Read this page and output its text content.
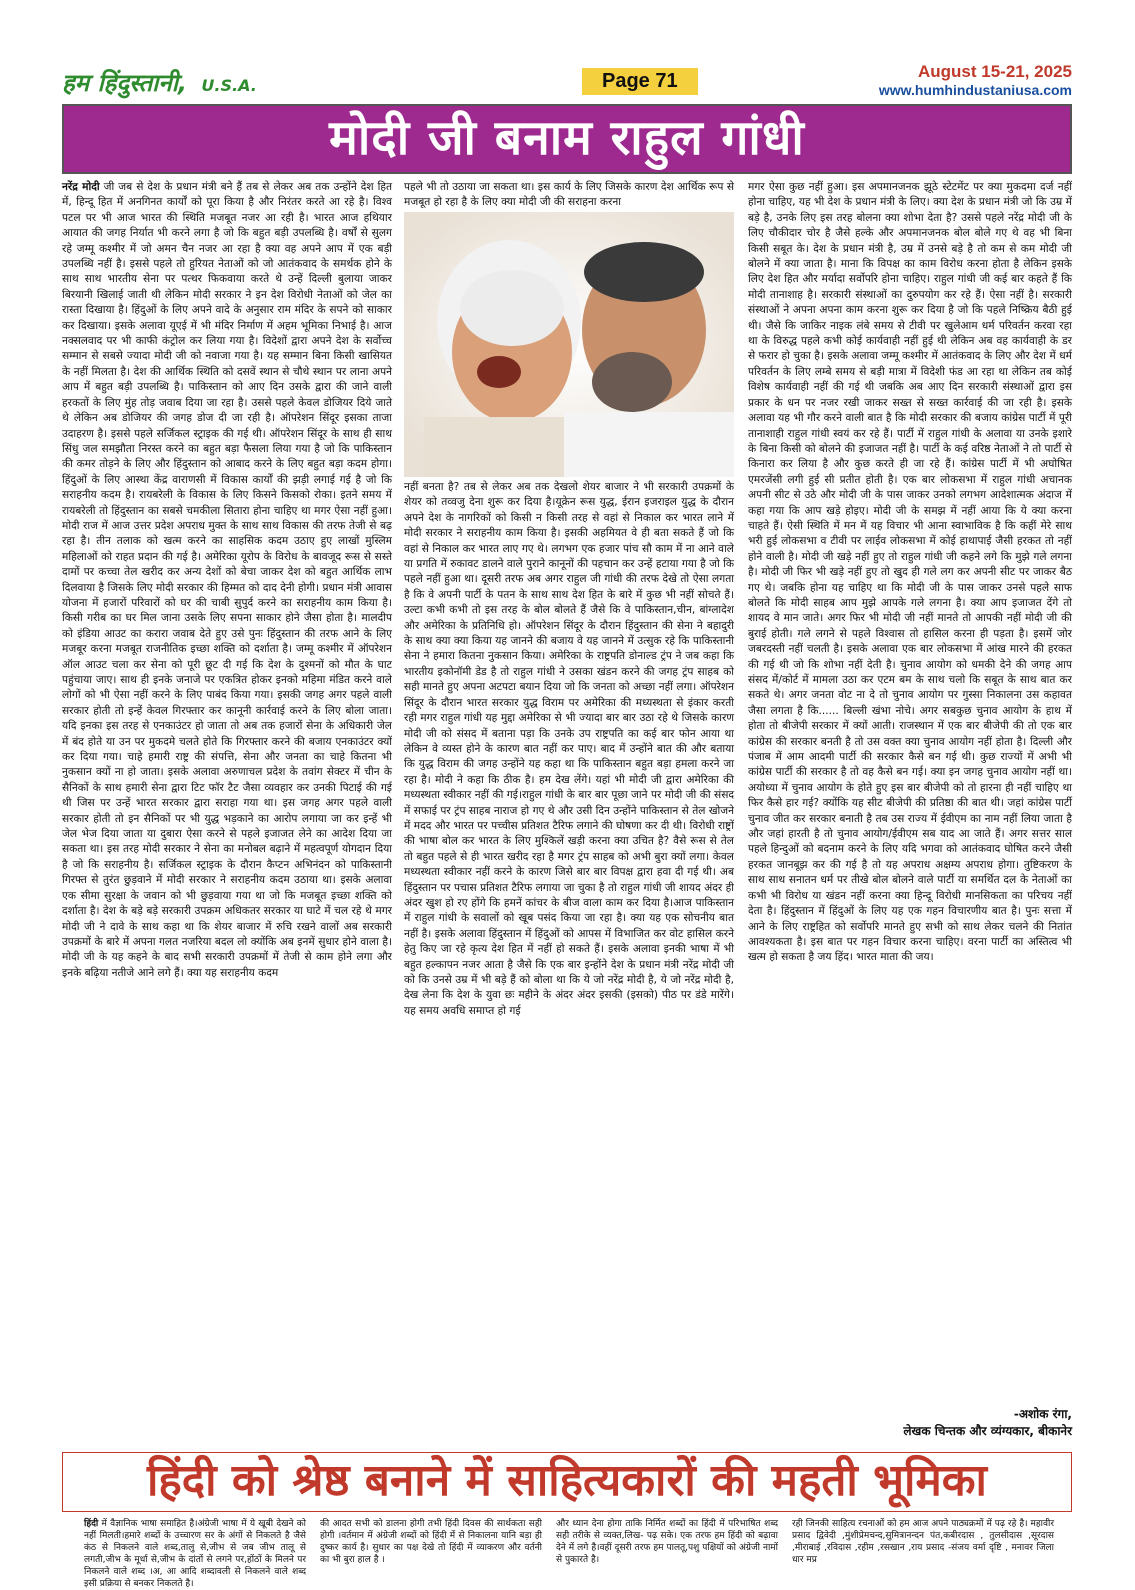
हम हिंदुस्तानी, U.S.A.	Page 71	August 15-21, 2025
www.humhindustaniusa.com
मोदी जी बनाम राहुल गांधी

नरेंद्र मोदी जी जब से देश के प्रधान मंत्री बने हैं तब से लेकर अब तक उन्होंने देश हित में, हिन्दू हित में अनगिनत कार्यों को पूरा किया है और निरंतर करते आ रहे है। विश्व पटल पर भी आज भारत की स्थिति मजबूत नजर आ रही है। भारत आज हथियार आयात की जगह निर्यात भी करने लगा है जो कि बहुत बड़ी उपलब्धि है। वर्षों से सुलग रहे जम्मू कश्मीर में जो अमन चैन नजर आ रहा है क्या वह अपने आप में एक बड़ी उपलब्धि नहीं है। इससे पहले तो हुरियत नेताओं को जो आतंकवाद के समर्थक होने के साथ साथ भारतीय सेना पर पत्थर फिकवाया करते थे उन्हें दिल्ली बुलाया जाकर बिरयानी खिलाई जाती थी लेकिन मोदी सरकार ने इन देश विरोधी नेताओं को जेल का रास्ता दिखाया है। हिंदुओं के लिए अपने वादे के अनुसार राम मंदिर के सपने को साकार कर दिखाया। इसके अलावा यूएई में भी मंदिर निर्माण में अहम भूमिका निभाई है। आज नक्सलवाद पर भी काफी कंट्रोल कर लिया गया है। विदेशों द्वारा अपने देश के सर्वोच्च सम्मान से सबसे ज्यादा मोदी जी को नवाजा गया है। यह सम्मान बिना किसी खासियत के नहीं मिलता है। देश की आर्थिक स्थिति को दसवें स्थान से चौथे स्थान पर लाना अपने आप में बहुत बड़ी उपलब्धि है। पाकिस्तान को आए दिन उसके द्वारा की जाने वाली हरकतों के लिए मुंह तोड़ जवाब दिया जा रहा है। उससे पहले केवल डोजियर दिये जाते थे लेकिन अब डोजियर की जगह डोज दी जा रही है। ऑपरेशन सिंदूर इसका ताजा उदाहरण है। इससे पहले सर्जिकल स्ट्राइक की गई थी। ऑपरेशन सिंदूर के साथ ही साथ सिंधु जल समझौता निरस्त करने का बहुत बड़ा फैसला लिया गया है जो कि पाकिस्तान की कमर तोड़ने के लिए और हिंदुस्तान को आबाद करने के लिए बहुत बड़ा कदम होगा। हिंदुओं के लिए आस्था केंद्र वाराणसी में विकास कार्यों की झड़ी लगाई गई है जो कि सराहनीय कदम है। रायबरेली के विकास के लिए किसने किसको रोका। इतने समय में रायबरेली तो हिंदुस्तान का सबसे चमकीला सितारा होना चाहिए था मगर ऐसा नहीं हुआ। मोदी राज में आज उत्तर प्रदेश अपराध मुक्त के साथ साथ विकास की तरफ तेजी से बढ़ रहा है। तीन तलाक को खत्म करने का साहसिक कदम उठाए हुए लाखों मुस्लिम महिलाओं को राहत प्रदान की गई है। अमेरिका यूरोप के विरोध के बावजूद रूस से सस्ते दामों पर कच्चा तेल खरीद कर अन्य देशों को बेचा जाकर देश को बहुत आर्थिक लाभ दिलवाया है जिसके लिए मोदी सरकार की हिम्मत को दाद देनी होगी। प्रधान मंत्री आवास योजना में हजारों परिवारों को घर की चाबी सुपुर्द करने का सराहनीय काम किया है। किसी गरीब का घर मिल जाना उसके लिए सपना साकार होने जैसा होता है। मालदीप को इंडिया आउट का करारा जवाब देते हुए उसे पुनः हिंदुस्तान की तरफ आने के लिए मजबूर करना मजबूत राजनीतिक इच्छा शक्ति को दर्शाता है। जम्मू कश्मीर में ऑपरेशन ऑल आउट चला कर सेना को पूरी छूट दी गई कि देश के दुश्मनों को मौत के घाट पहुंचाया जाए। साथ ही इनके जनाजे पर एकत्रित होकर इनको महिमा मंडित करने वाले लोगों को भी ऐसा नहीं करने के लिए पाबंद किया गया। इसकी जगह अगर पहले वाली सरकार होती तो इन्हें केवल गिरफ्तार कर कानूनी कार्रवाई करने के लिए बोला जाता। यदि इनका इस तरह से एनकाउंटर हो जाता तो अब तक हजारों सेना के अधिकारी जेल में बंद होते या उन पर मुकदमे चलते होते कि गिरफ्तार करने की बजाय एनकाउंटर क्यों कर दिया गया। चाहे हमारी राष्ट्र की संपत्ति, सेना और जनता का चाहे कितना भी नुकसान क्यों ना हो जाता। इसके अलावा अरुणाचल प्रदेश के तवांग सेक्टर में चीन के सैनिकों के साथ हमारी सेना द्वारा टिट फॉर टैट जैसा व्यवहार कर उनकी पिटाई की गई थी जिस पर उन्हें भारत सरकार द्वारा सराहा गया था। इस जगह अगर पहले वाली सरकार होती तो इन सैनिकों पर भी युद्ध भड़काने का आरोप लगाया जा कर इन्हें भी जेल भेज दिया जाता या दुबारा ऐसा करने से पहले इजाजत लेने का आदेश दिया जा सकता था। इस तरह मोदी सरकार ने सेना का मनोबल बढ़ाने में महत्वपूर्ण योगदान दिया है जो कि सराहनीय है। सर्जिकल स्ट्राइक के दौरान कैप्टन अभिनंदन को पाकिस्तानी गिरफ्त से तुरंत छुड़वाने में मोदी सरकार ने सराहनीय कदम उठाया था। इसके अलावा एक सीमा सुरक्षा के जवान को भी छुड़वाया गया था जो कि मजबूत इच्छा शक्ति को दर्शाता है। देश के बड़े बड़े सरकारी उपक्रम अधिकतर सरकार या घाटे में चल रहे थे मगर मोदी जी ने दावे के साथ कहा था कि शेयर बाजार में रुचि रखने वालों अब सरकारी उपक्रमों के बारे में अपना गलत नजरिया बदल लो क्योंकि अब इनमें सुधार होने वाला है। मोदी जी के यह कहने के बाद सभी सरकारी उपक्रमों में तेजी से काम होने लगा और इनके बढ़िया नतीजे आने लगे हैं। क्या यह सराहनीय कदम

पहले भी तो उठाया जा सकता था। इस कार्य के लिए जिसके कारण देश आर्थिक रूप से मजबूत हो रहा है के लिए क्या मोदी जी की सराहना करना

नहीं बनता है? तब से लेकर अब तक देखलो शेयर बाजार ने भी सरकारी उपक्रमों के शेयर को तव्वजु देना शुरू कर दिया है।यूक्रेन रूस युद्ध, ईरान इजराइल युद्ध के दौरान अपने देश के नागरिकों को किसी न किसी तरह से वहां से निकाल कर भारत लाने में मोदी सरकार ने सराहनीय काम किया है। इसकी अहमियत वे ही बता सकते हैं जो कि वहां से निकाल कर भारत लाए गए थे। लगभग एक हजार पांच सौ काम में ना आने वाले या प्रगति में रुकावट डालने वाले पुराने कानूनों की पहचान कर उन्हें हटाया गया है जो कि पहले नहीं हुआ था। दूसरी तरफ अब अगर राहुल जी गांधी की तरफ देखे तो ऐसा लगता है कि वे अपनी पार्टी के पतन के साथ साथ देश हित के बारे में कुछ भी नहीं सोचते हैं। उल्टा कभी कभी तो इस तरह के बोल बोलते हैं जैसे कि वे पाकिस्तान,चीन, बांग्लादेश और अमेरिका के प्रतिनिधि हो। ऑपरेशन सिंदूर के दौरान हिंदुस्तान की सेना ने बहादुरी के साथ क्या क्या किया यह जानने की बजाय वे यह जानने में उत्सुक रहे कि पाकिस्तानी सेना ने हमारा कितना नुकसान किया। अमेरिका के राष्ट्रपति डोनाल्ड ट्रंप ने जब कहा कि भारतीय इकोनॉमी डेड है तो राहुल गांधी ने उसका खंडन करने की जगह ट्रंप साहब को सही मानते हुए अपना अटपटा बयान दिया जो कि जनता को अच्छा नहीं लगा। ऑपरेशन सिंदूर के दौरान भारत सरकार युद्ध विराम पर अमेरिका की मध्यस्थता से इंकार करती रही मगर राहुल गांधी यह मुद्दा अमेरिका से भी ज्यादा बार बार उठा रहे थे जिसके कारण मोदी जी को संसद में बताना पड़ा कि उनके उप राष्ट्रपति का कई बार फोन आया था लेकिन वे व्यस्त होने के कारण बात नहीं कर पाए। बाद में उन्होंने बात की और बताया कि युद्ध विराम की जगह उन्होंने यह कहा था कि पाकिस्तान बहुत बड़ा हमला करने जा रहा है। मोदी ने कहा कि ठीक है। हम देख लेंगे। यहां भी मोदी जी द्वारा अमेरिका की मध्यस्थता स्वीकार नहीं की गई।राहुल गांधी के बार बार पूछा जाने पर मोदी जी की संसद में सफाई पर ट्रंप साहब नाराज हो गए थे और उसी दिन उन्होंने पाकिस्तान से तेल खोजने में मदद और भारत पर पच्चीस प्रतिशत टैरिफ लगाने की घोषणा कर दी थी। विरोधी राष्ट्रों की भाषा बोल कर भारत के लिए मुश्किलें खड़ी करना क्या उचित है? वैसे रूस से तेल तो बहुत पहले से ही भारत खरीद रहा है मगर ट्रंप साहब को अभी बुरा क्यों लगा। केवल मध्यस्थता स्वीकार नहीं करने के कारण जिसे बार बार विपक्ष द्वारा हवा दी गई थी। अब हिंदुस्तान पर पचास प्रतिशत टैरिफ लगाया जा चुका है तो राहुल गांधी जी शायद अंदर ही अंदर खुश हो रए होंगे कि हमनें कांचर के बीज वाला काम कर दिया है।आज पाकिस्तान में राहुल गांधी के सवालों को खूब पसंद किया जा रहा है। क्या यह एक सोचनीय बात नहीं है। इसके अलावा हिंदुस्तान में हिंदुओं को आपस में विभाजित कर वोट हासिल करने हेतु किए जा रहे कृत्य देश हित में नहीं हो सकते हैं। इसके अलावा इनकी भाषा में भी बहुत हल्कापन नजर आता है जैसे कि एक बार इन्होंने देश के प्रधान मंत्री नरेंद्र मोदी जी को कि उनसे उम्र में भी बड़े हैं को बोला था कि ये जो नरेंद्र मोदी है, ये जो नरेंद्र मोदी है, देख लेना कि देश के युवा छः महीने के अंदर अंदर इसकी (इसको) पीठ पर डंडे मारेंगे। यह समय अवधि समाप्त हो गई

मगर ऐसा कुछ नहीं हुआ। इस अपमानजनक झूठे स्टेटमेंट पर क्या मुकदमा दर्ज नहीं होना चाहिए, यह भी देश के प्रधान मंत्री के लिए। क्या देश के प्रधान मंत्री जो कि उम्र में बड़े है, उनके लिए इस तरह बोलना क्या शोभा देता है? उससे पहले नरेंद्र मोदी जी के लिए चौकीदार चोर है जैसे हल्के और अपमानजनक बोल बोले गए थे वह भी बिना किसी सबूत के। देश के प्रधान मंत्री है, उम्र में उनसे बड़े है तो कम से कम मोदी जी बोलने में क्या जाता है। माना कि विपक्ष का काम विरोध करना होता है लेकिन इसके लिए देश हित और मर्यादा सर्वोपरि होना चाहिए। राहुल गांधी जी कई बार कहते हैं कि मोदी तानाशाह है। सरकारी संस्थाओं का दुरुपयोग कर रहे हैं। ऐसा नहीं है। सरकारी संस्थाओं ने अपना अपना काम करना शुरू कर दिया है जो कि पहले निष्क्रिय बैठी हुई थी। जैसे कि जाकिर नाइक लंबे समय से टीवी पर खुलेआम धर्म परिवर्तन करवा रहा था के विरुद्ध पहले कभी कोई कार्यवाही नहीं हुई थी लेकिन अब वह कार्यवाही के डर से फरार हो चुका है। इसके अलावा जम्मू कश्मीर में आतंकवाद के लिए और देश में धर्म परिवर्तन के लिए लम्बे समय से बड़ी मात्रा में विदेशी फंड आ रहा था लेकिन तब कोई विशेष कार्यवाही नहीं की गई थी जबकि अब आए दिन सरकारी संस्थाओं द्वारा इस प्रकार के धन पर नजर रखी जाकर सख्त से सख्त कार्रवाई की जा रही है। इसके अलावा यह भी गौर करने वाली बात है कि मोदी सरकार की बजाय कांग्रेस पार्टी में पूरी तानाशाही राहुल गांधी स्वयं कर रहे हैं। पार्टी में राहुल गांधी के अलावा या उनके इशारे के बिना किसी को बोलने की इजाजत नहीं है। पार्टी के कई वरिष्ठ नेताओं ने तो पार्टी से किनारा कर लिया है और कुछ करते ही जा रहे हैं। कांग्रेस पार्टी में भी अघोषित एमरजेंसी लगी हुई सी प्रतीत होती है। एक बार लोकसभा में राहुल गांधी अचानक अपनी सीट से उठे और मोदी जी के पास जाकर उनको लगभग आदेशात्मक अंदाज में कहा गया कि आप खड़े होइए। मोदी जी के समझ में नहीं आया कि ये क्या करना चाहते हैं। ऐसी स्थिति में मन में यह विचार भी आना स्वाभाविक है कि कहीं मेरे साथ भरी हुई लोकसभा व टीवी पर लाईव लोकसभा में कोई हाथापाई जैसी हरकत तो नहीं होने वाली है। मोदी जी खड़े नहीं हुए तो राहुल गांधी जी कहने लगे कि मुझे गले लगना है। मोदी जी फिर भी खड़े नहीं हुए तो खुद ही गले लग कर अपनी सीट पर जाकर बैठ गए थे। जबकि होना यह चाहिए था कि मोदी जी के पास जाकर उनसे पहले साफ बोलते कि मोदी साहब आप मुझे आपके गले लगना है। क्या आप इजाजत देंगे तो शायद वे मान जाते। अगर फिर भी मोदी जी नहीं मानते तो आपकी नहीं मोदी जी की बुराई होती। गले लगने से पहले विश्वास तो हासिल करना ही पड़ता है। इसमें जोर जबरदस्ती नहीं चलती है। इसके अलावा एक बार लोकसभा में आंख मारने की हरकत की गई थी जो कि शोभा नहीं देती है। चुनाव आयोग को धमकी देने की जगह आप संसद में/कोर्ट में मामला उठा कर एटम बम के साथ चलो कि सबूत के साथ बात कर सकते थे। अगर जनता वोट ना दे तो चुनाव आयोग पर गुस्सा निकालना उस कहावत जैसा लगता है कि...... बिल्ली खंभा नोचे। अगर सबकुछ चुनाव आयोग के हाथ में होता तो बीजेपी सरकार में क्यों आती। राजस्थान में एक बार बीजेपी की तो एक बार कांग्रेस की सरकार बनती है तो उस वक्त क्या चुनाव आयोग नहीं होता है। दिल्ली और पंजाब में आम आदमी पार्टी की सरकार कैसे बन गई थी। कुछ राज्यों में अभी भी कांग्रेस पार्टी की सरकार है तो वह कैसे बन गई। क्या इन जगह चुनाव आयोग नहीं था। अयोध्या में चुनाव आयोग के होते हुए इस बार बीजेपी को तो हारना ही नहीं चाहिए था फिर कैसे हार गई? क्योंकि यह सीट बीजेपी की प्रतिष्ठा की बात थी। जहां कांग्रेस पार्टी चुनाव जीत कर सरकार बनाती है तब उस राज्य में ईवीएम का नाम नहीं लिया जाता है और जहां हारती है तो चुनाव आयोग/ईवीएम सब याद आ जाते हैं। अगर सत्तर साल पहले हिन्दुओं को बदनाम करने के लिए यदि भगवा को आतंकवाद घोषित करने जैसी हरकत जानबूझ कर की गई है तो यह अपराध अक्षम्य अपराध होगा। तुष्टिकरण के साथ साथ सनातन धर्म पर तीखे बोल बोलने वाले पार्टी या समर्थित दल के नेताओं का कभी भी विरोध या खंडन नहीं करना क्या हिन्दू विरोधी मानसिकता का परिचय नहीं देता है। हिंदुस्तान में हिंदुओं के लिए यह एक गहन विचारणीय बात है। पुनः सत्ता में आने के लिए राष्ट्रहित को सर्वोपरि मानते हुए सभी को साथ लेकर चलने की नितांत आवश्यकता है। इस बात पर गहन विचार करना चाहिए। वरना पार्टी का अस्तित्व भी खत्म हो सकता है जय हिंद। भारत माता की जय।

-अशोक रंगा,
लेखक चिन्तक और व्यंग्यकार, बीकानेर
हिंदी को श्रेष्ठ बनाने में साहित्यकारों की महती भूमिका
हिंदी में वैज्ञानिक भाषा समाहित है।अंग्रेजी भाषा में ये खूबी देखने को नहीं मिलती।हमारे शब्दों के उच्चारण सर के अंगों से निकलते है जैसे कंठ से निकलने वाले शब्द,तालु से,जीभ से जब जीभ तालू से लगती,जीभ के मूर्धा से,जीभ के दांतों से लगने पर,होंठों के मिलने पर निकलने वाले शब्द ।अ, आ आदि शब्दावली से निकलने वाले शब्द इसी प्रक्रिया से बनकर निकलते है।
की आदत सभी को डालना होगी तभी हिंदी दिवस की सार्थकता सही होगी ।वर्तमान में अंग्रेजी शब्दों को हिंदी में से निकालना यानि बड़ा ही दुष्कर कार्य है। सुधार का पक्ष देखे तो हिंदी में व्याकरण और वर्तनी का भी बुरा हाल है ।
और ध्यान देना होगा ताकि निर्मित शब्दों का हिंदी में परिभाषित शब्द सही तरीके से व्यक्त,लिख- पढ़ सके। एक तरफ हम हिंदी को बढ़ावा देने में लगे है।वहीं दूसरी तरफ हम पालतू,पशु पक्षियों को अंग्रेजी नामों से पुकारते है।
रही जिनकी साहित्य रचनाओं को हम आज अपने पाठ्यक्रमों में पढ़ रहे है। महावीर प्रसाद द्विवेदी ,मुंशीप्रेमचन्द,सुमित्रानन्दन पंत,कबीरदास , तुलसीदास ,सूरदास ,मीराबाई ,रविदास ,रहीम ,रसखान ,राय प्रसाद -संजय वर्मा दृष्टि , मनावर जिला धार मप्र
